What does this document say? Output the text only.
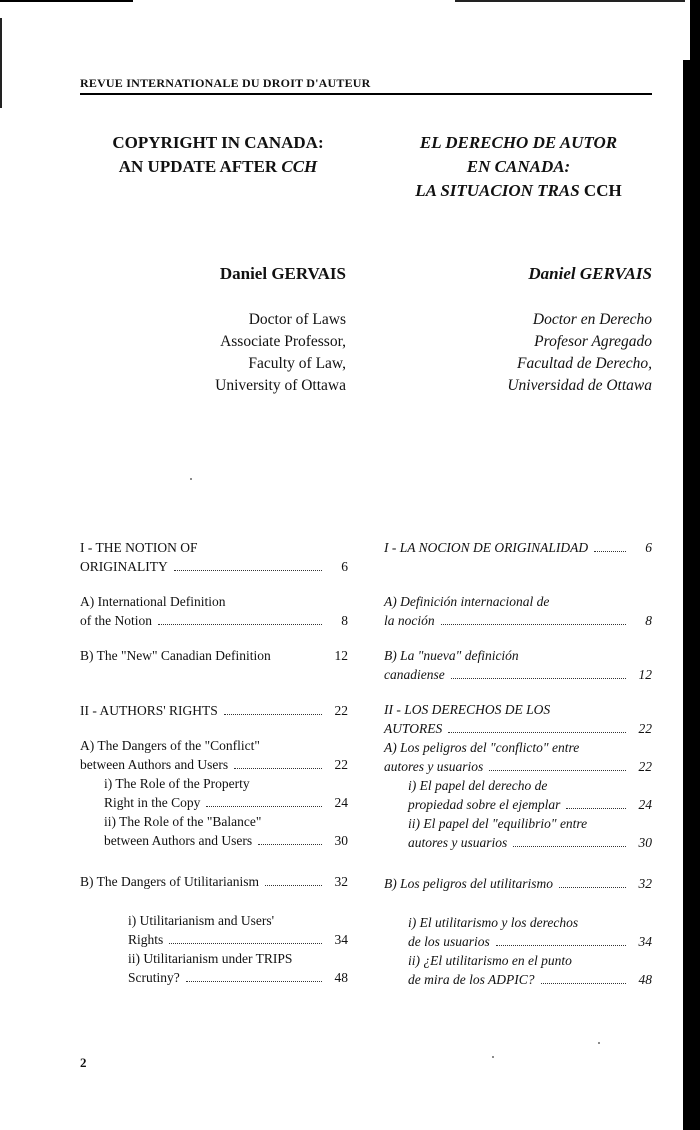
REVUE INTERNATIONALE DU DROIT D'AUTEUR
COPYRIGHT IN CANADA:
AN UPDATE AFTER CCH
EL DERECHO DE AUTOR
EN CANADA:
LA SITUACION TRAS CCH
Daniel GERVAIS	Daniel GERVAIS
Doctor of Laws
Associate Professor,
Faculty of Law,
University of Ottawa
Doctor en Derecho
Profesor Agregado
Facultad de Derecho,
Universidad de Ottawa
I - THE NOTION OF
ORIGINALITY	6
A) International Definition
of the Notion	8
B) The "New" Canadian Definition	12
II - AUTHORS' RIGHTS	22
A) The Dangers of the "Conflict"
between Authors and Users	22
i) The Role of the Property
Right in the Copy	24
ii) The Role of the "Balance"
between Authors and Users	30
B) The Dangers of Utilitarianism	32
i) Utilitarianism and Users'
Rights	34
ii) Utilitarianism under TRIPS
Scrutiny?	48
I - LA NOCION DE ORIGINALIDAD	6
A) Definición internacional de
la noción	8
B) La "nueva" definición
canadiense	12
II - LOS DERECHOS DE LOS
AUTORES	22
A) Los peligros del "conflicto" entre
autores y usuarios	22
i) El papel del derecho de
propiedad sobre el ejemplar	24
ii) El papel del "equilibrio" entre
autores y usuarios	30
B) Los peligros del utilitarismo	32
i) El utilitarismo y los derechos
de los usuarios	34
ii) ¿El utilitarismo en el punto
de mira de los ADPIC?	48
2
